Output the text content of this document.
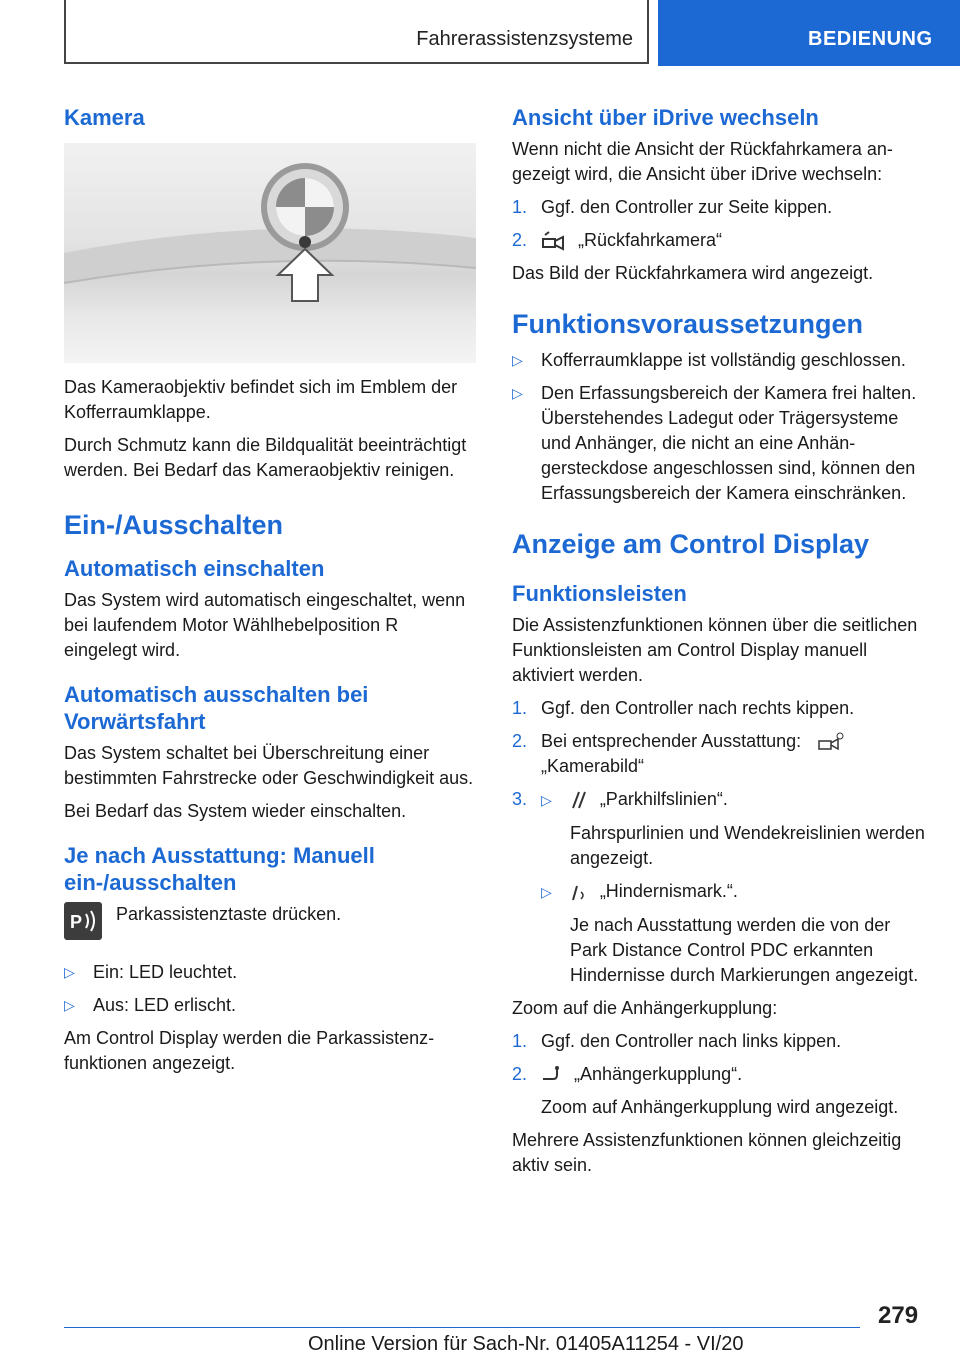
Fahrerassistenzsysteme	BEDIENUNG
Kamera

Das Kameraobjektiv befindet sich im Emblem der Kofferraumklappe.

Durch Schmutz kann die Bildqualität beeinträchtigt werden. Bei Bedarf das Kameraobjektiv reinigen.

Ein-/Ausschalten
Automatisch einschalten

Das System wird automatisch eingeschaltet, wenn bei laufendem Motor Wählhebelposition R eingelegt wird.

Automatisch ausschalten bei Vorwärtsfahrt

Das System schaltet bei Überschreitung einer bestimmten Fahrstrecke oder Geschwindigkeit aus.

Bei Bedarf das System wieder einschalten.

Je nach Ausstattung: Manuell ein-/ausschalten
P Parkassistenztaste drücken.
▷ Ein: LED leuchtet.
▷ Aus: LED erlischt.

Am Control Display werden die Parkassistenzfunktionen angezeigt.

Ansicht über iDrive wechseln

Wenn nicht die Ansicht der Rückfahrkamera angezeigt wird, die Ansicht über iDrive wechseln:

1. Ggf. den Controller zur Seite kippen.
2.	„Rückfahrkamera“

Das Bild der Rückfahrkamera wird angezeigt.

Funktionsvoraussetzungen
▷ Kofferraumklappe ist vollständig geschlossen.
▷ Den Erfassungsbereich der Kamera frei halten. Überstehendes Ladegut oder Trägersysteme und Anhänger, die nicht an eine Anhängersteckdose angeschlossen sind, können den Erfassungsbereich der Kamera einschränken.
Anzeige am Control Display
Funktionsleisten

Die Assistenzfunktionen können über die seitlichen Funktionsleisten am Control Display manuell aktiviert werden.

1. Ggf. den Controller nach rechts kippen.
2. Bei entsprechender Ausstattung:
„Kamerabild“
3. ▷	„Parkhilfslinien“.
Fahrspurlinien und Wendekreislinien werden angezeigt.
▷	„Hindernismark.“.
Je nach Ausstattung werden die von der Park Distance Control PDC erkannten Hindernisse durch Markierungen angezeigt.

Zoom auf die Anhängerkupplung:

1. Ggf. den Controller nach links kippen.
2.	„Anhängerkupplung“.
Zoom auf Anhängerkupplung wird angezeigt.

Mehrere Assistenzfunktionen können gleichzeitig aktiv sein.

279
Online Version für Sach-Nr. 01405A11254 - VI/20
